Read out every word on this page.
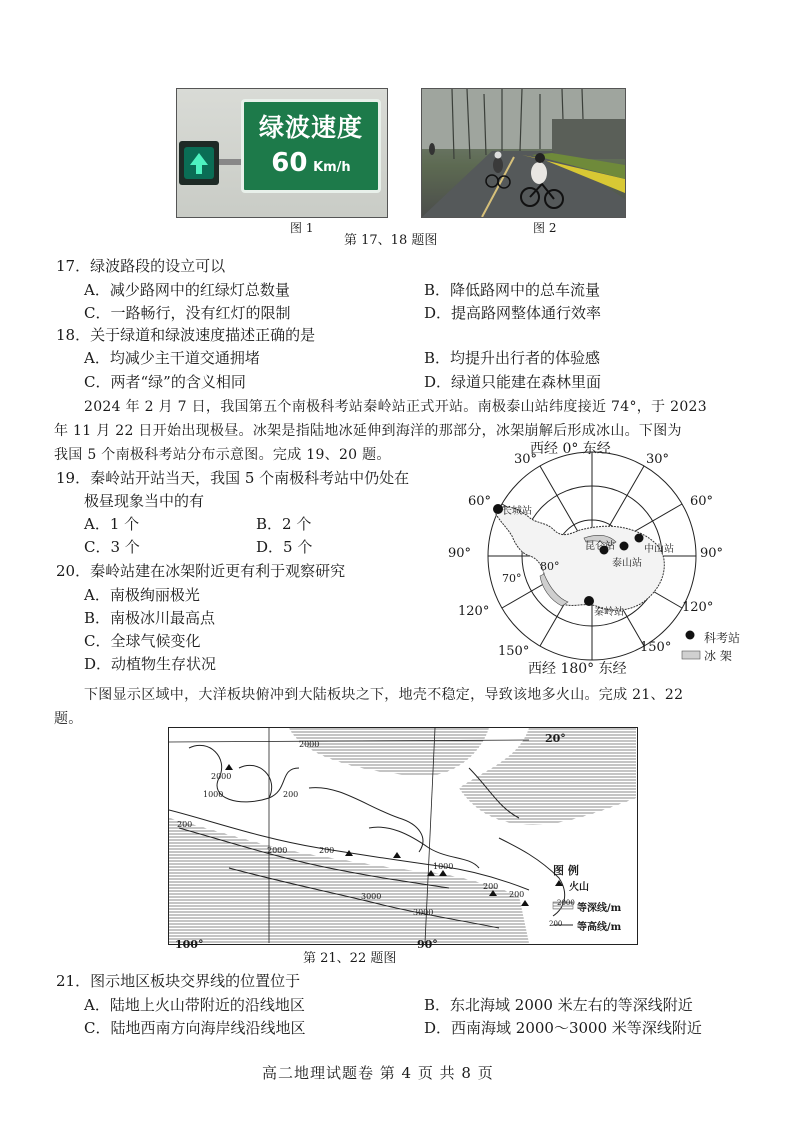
绿波速度
60 Km/h
图 1	图 2
第 17、18 题图
17．绿波路段的设立可以
A．减少路网中的红绿灯总数量	B．降低路网中的总车流量
C．一路畅行，没有红灯的限制	D．提高路网整体通行效率
18．关于绿道和绿波速度描述正确的是
A．均减少主干道交通拥堵	B．均提升出行者的体验感
C．两者“绿”的含义相同	D．绿道只能建在森林里面
2024 年 2 月 7 日，我国第五个南极科考站秦岭站正式开站。南极泰山站纬度接近 74°，于 2023
年 11 月 22 日开始出现极昼。冰架是指陆地冰延伸到海洋的那部分，冰架崩解后形成冰山。下图为
我国 5 个南极科考站分布示意图。完成 19、20 题。
19．秦岭站开站当天，我国 5 个南极科考站中仍处在
极昼现象当中的有
A．1 个	B．2 个
C．3 个	D．5 个
20．秦岭站建在冰架附近更有利于观察研究
A．南极绚丽极光
B．南极冰川最高点
C．全球气候变化
D．动植物生存状况
西经 0° 东经
西经 180° 东经
30°	30°
60°	60°
90°	90°
120°	120°
150°	150°
70°
80°
长城站
昆仑站
泰山站
中山站
秦岭站
科考站
冰 架
下图显示区域中，大洋板块俯冲到大陆板块之下，地壳不稳定，导致该地多火山。完成 21、22
题。
20°
2000
2000
1000	200
200
2000	200
1000
3000
200
200
3000
图 例
火山
2000 等深线/m
200 等高线/m
100°	90°
第 21、22 题图
21．图示地区板块交界线的位置位于
A．陆地上火山带附近的沿线地区	B．东北海域 2000 米左右的等深线附近
C．陆地西南方向海岸线沿线地区	D．西南海域 2000～3000 米等深线附近
高二地理试题卷 第 4 页 共 8 页
